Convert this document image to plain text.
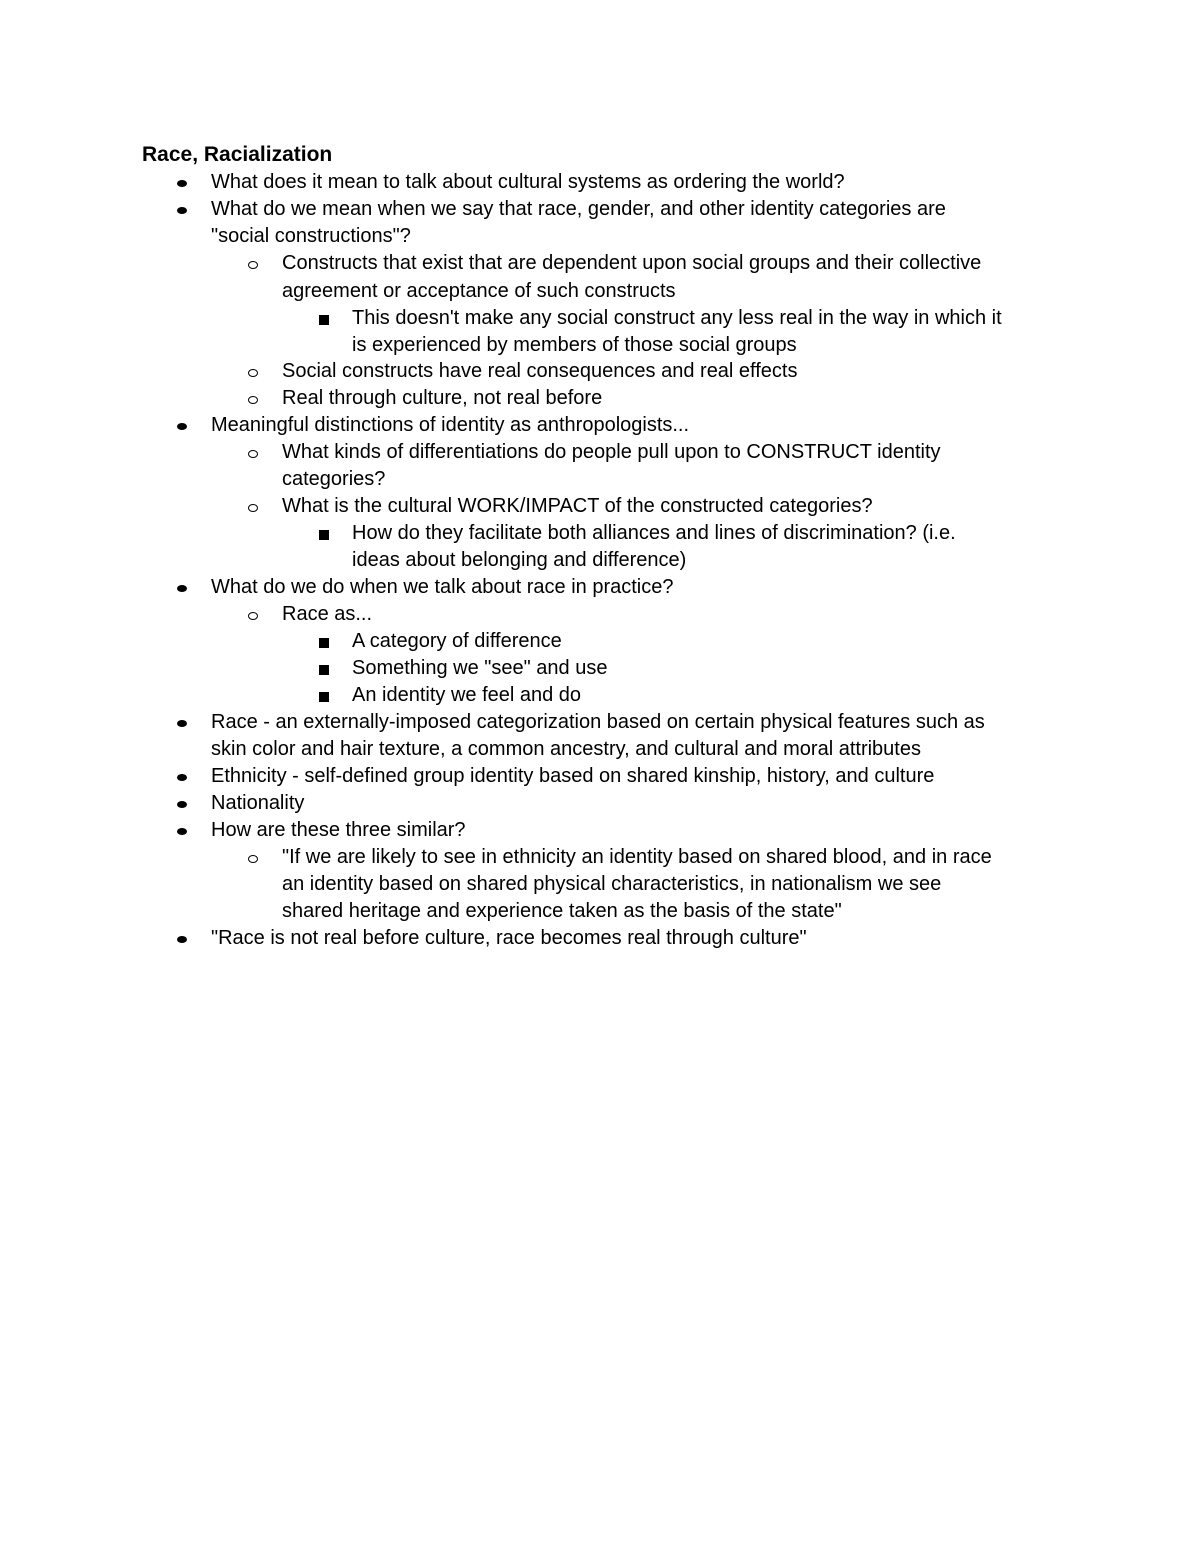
Race, Racialization

What does it mean to talk about cultural systems as ordering the world?

What do we mean when we say that race, gender, and other identity categories are

"social constructions"?

Constructs that exist that are dependent upon social groups and their collective

agreement or acceptance of such constructs

This doesn't make any social construct any less real in the way in which it

is experienced by members of those social groups

Social constructs have real consequences and real effects

Real through culture, not real before

Meaningful distinctions of identity as anthropologists...

What kinds of differentiations do people pull upon to CONSTRUCT identity

categories?

What is the cultural WORK/IMPACT of the constructed categories?

How do they facilitate both alliances and lines of discrimination? (i.e.

ideas about belonging and difference)

What do we do when we talk about race in practice?

Race as...

A category of difference

Something we "see" and use

An identity we feel and do

Race - an externally-imposed categorization based on certain physical features such as

skin color and hair texture, a common ancestry, and cultural and moral attributes

Ethnicity - self-defined group identity based on shared kinship, history, and culture

Nationality

How are these three similar?

"If we are likely to see in ethnicity an identity based on shared blood, and in race

an identity based on shared physical characteristics, in nationalism we see

shared heritage and experience taken as the basis of the state"

"Race is not real before culture, race becomes real through culture"
